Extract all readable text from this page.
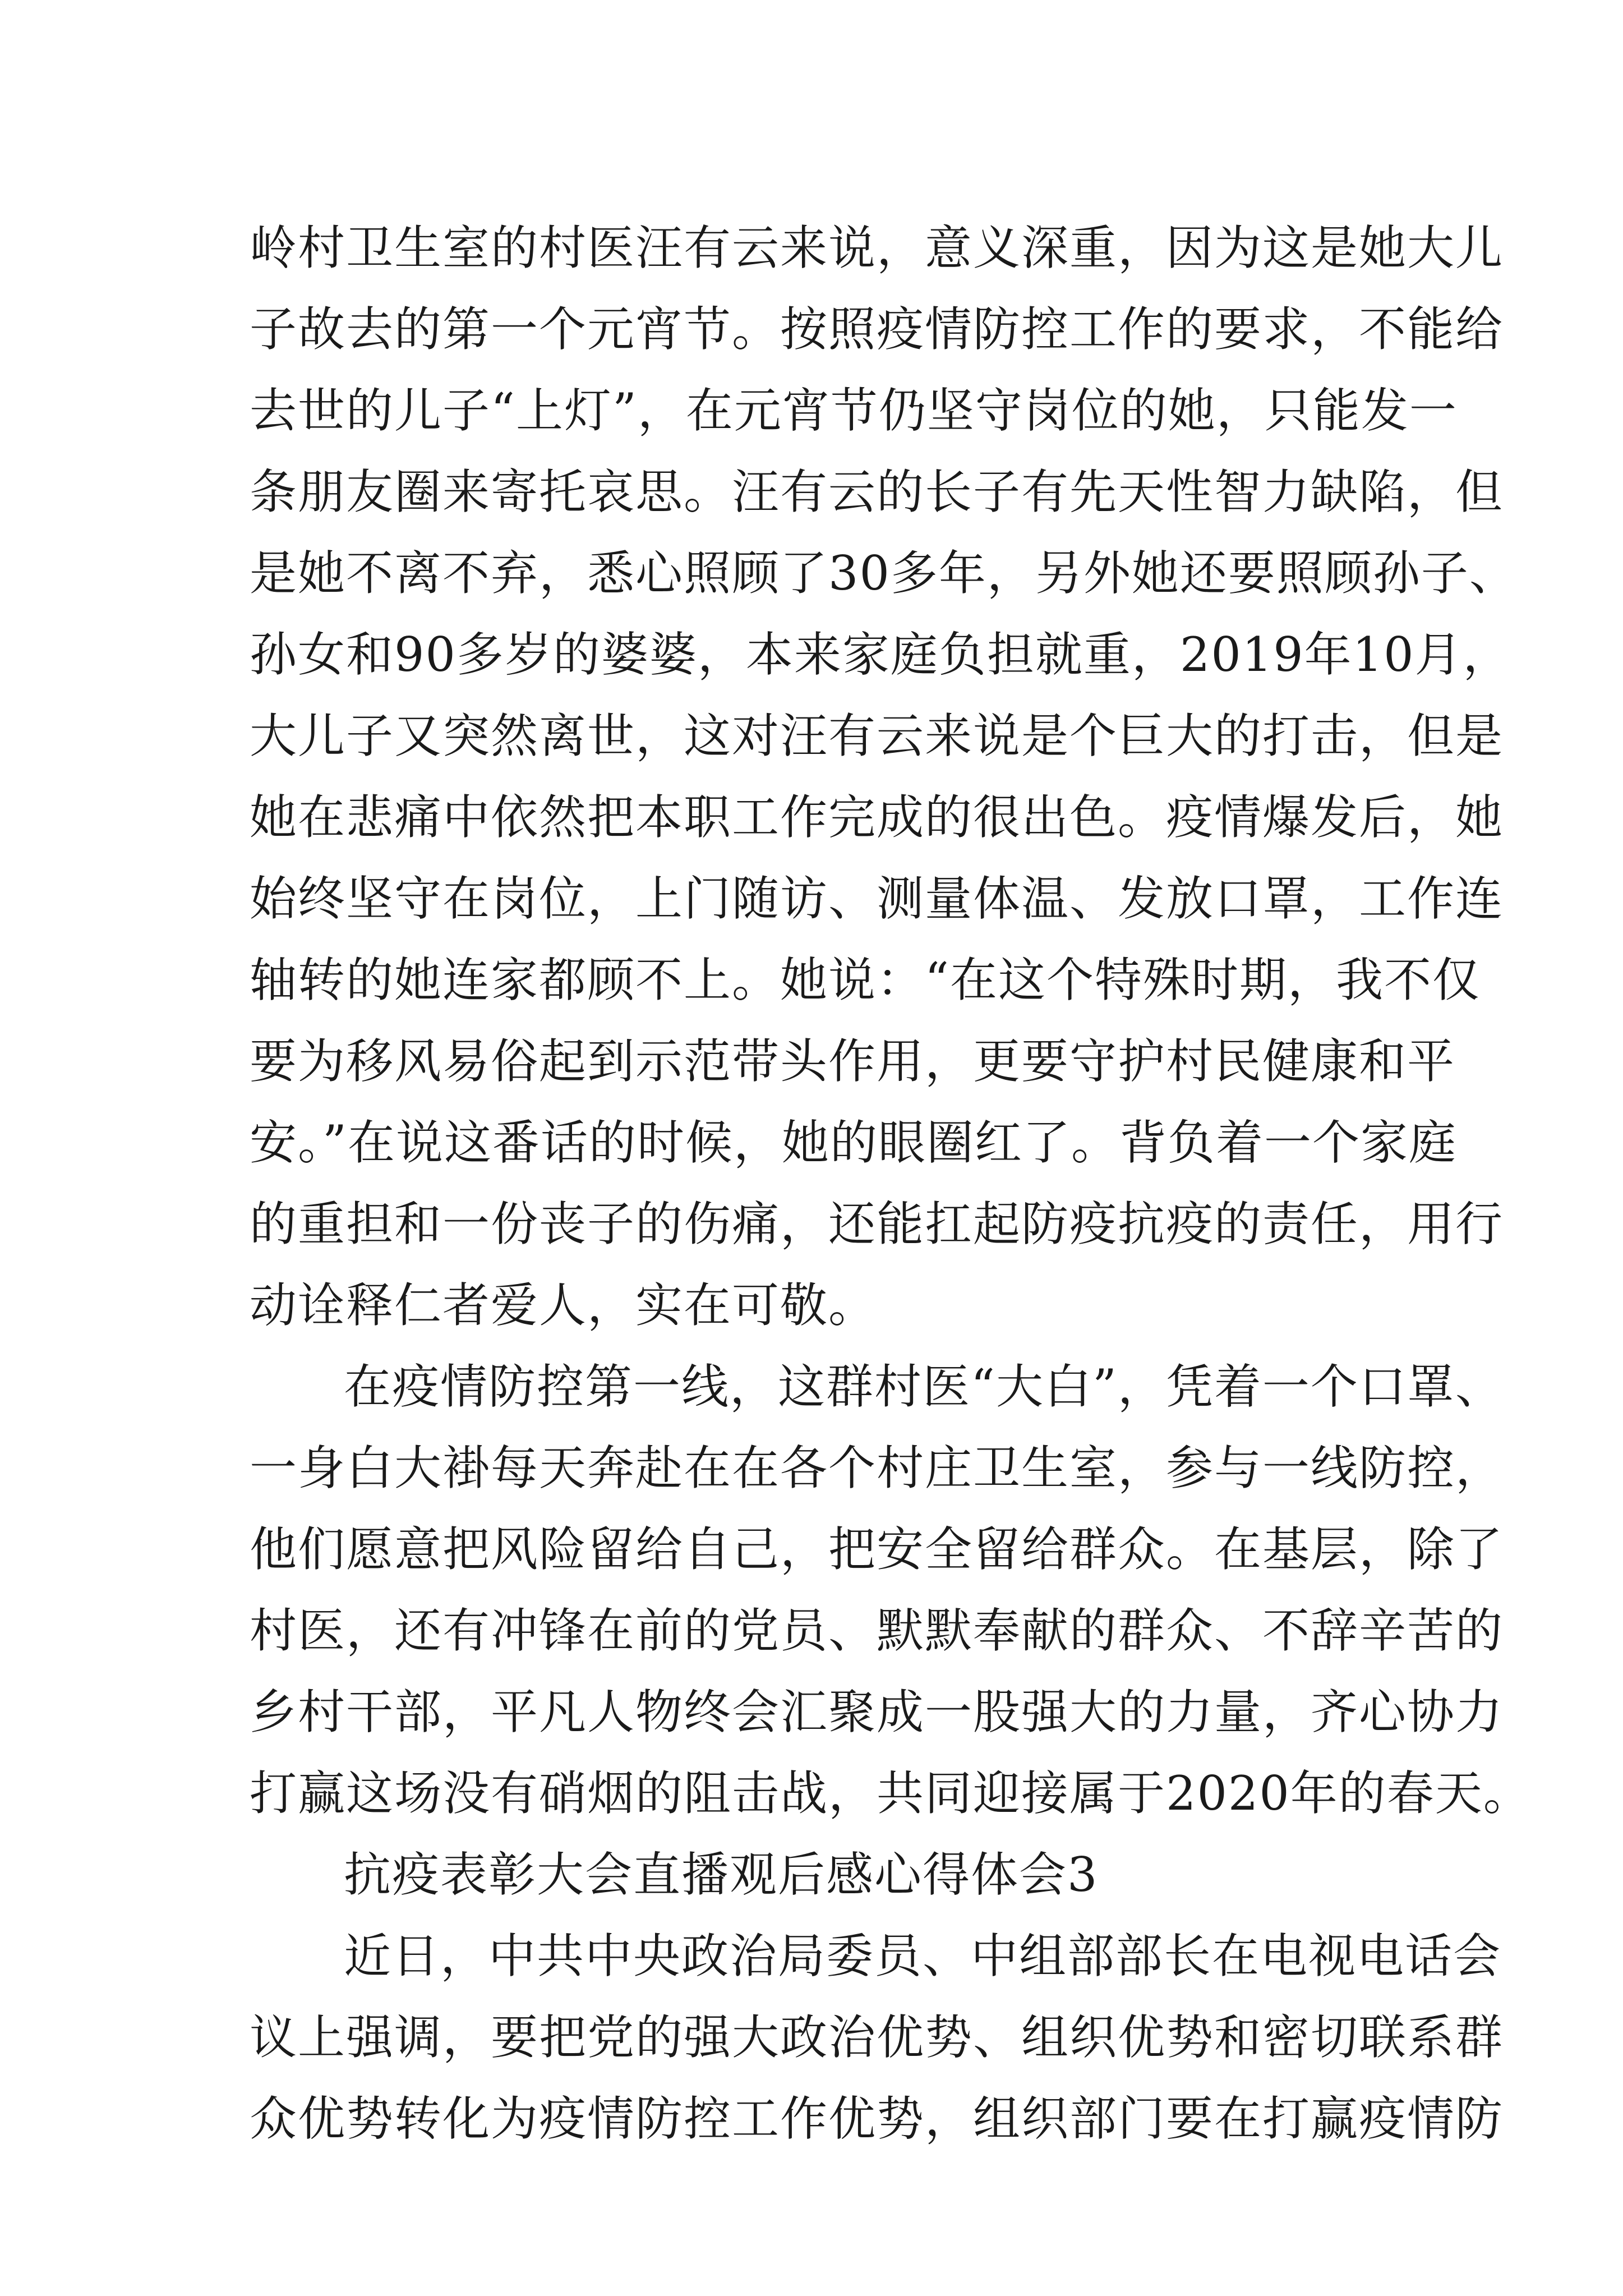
岭村卫生室的村医汪有云来说，意义深重，因为这是她大儿
子故去的第一个元宵节。按照疫情防控工作的要求，不能给
去世的儿子“上灯”，在元宵节仍坚守岗位的她，只能发一
条朋友圈来寄托哀思。汪有云的长子有先天性智力缺陷，但
是她不离不弃，悉心照顾了30多年，另外她还要照顾孙子、
孙女和90多岁的婆婆，本来家庭负担就重，2019年10月，
大儿子又突然离世，这对汪有云来说是个巨大的打击，但是
她在悲痛中依然把本职工作完成的很出色。疫情爆发后，她
始终坚守在岗位，上门随访、测量体温、发放口罩，工作连
轴转的她连家都顾不上。她说：“在这个特殊时期，我不仅
要为移风易俗起到示范带头作用，更要守护村民健康和平
安。”在说这番话的时候，她的眼圈红了。背负着一个家庭
的重担和一份丧子的伤痛，还能扛起防疫抗疫的责任，用行
动诠释仁者爱人，实在可敬。
在疫情防控第一线，这群村医“大白”，凭着一个口罩、
一身白大褂每天奔赴在在各个村庄卫生室，参与一线防控，
他们愿意把风险留给自己，把安全留给群众。在基层，除了
村医，还有冲锋在前的党员、默默奉献的群众、不辞辛苦的
乡村干部，平凡人物终会汇聚成一股强大的力量，齐心协力
打赢这场没有硝烟的阻击战，共同迎接属于2020年的春天。
抗疫表彰大会直播观后感心得体会3
近日，中共中央政治局委员、中组部部长在电视电话会
议上强调，要把党的强大政治优势、组织优势和密切联系群
众优势转化为疫情防控工作优势，组织部门要在打赢疫情防
